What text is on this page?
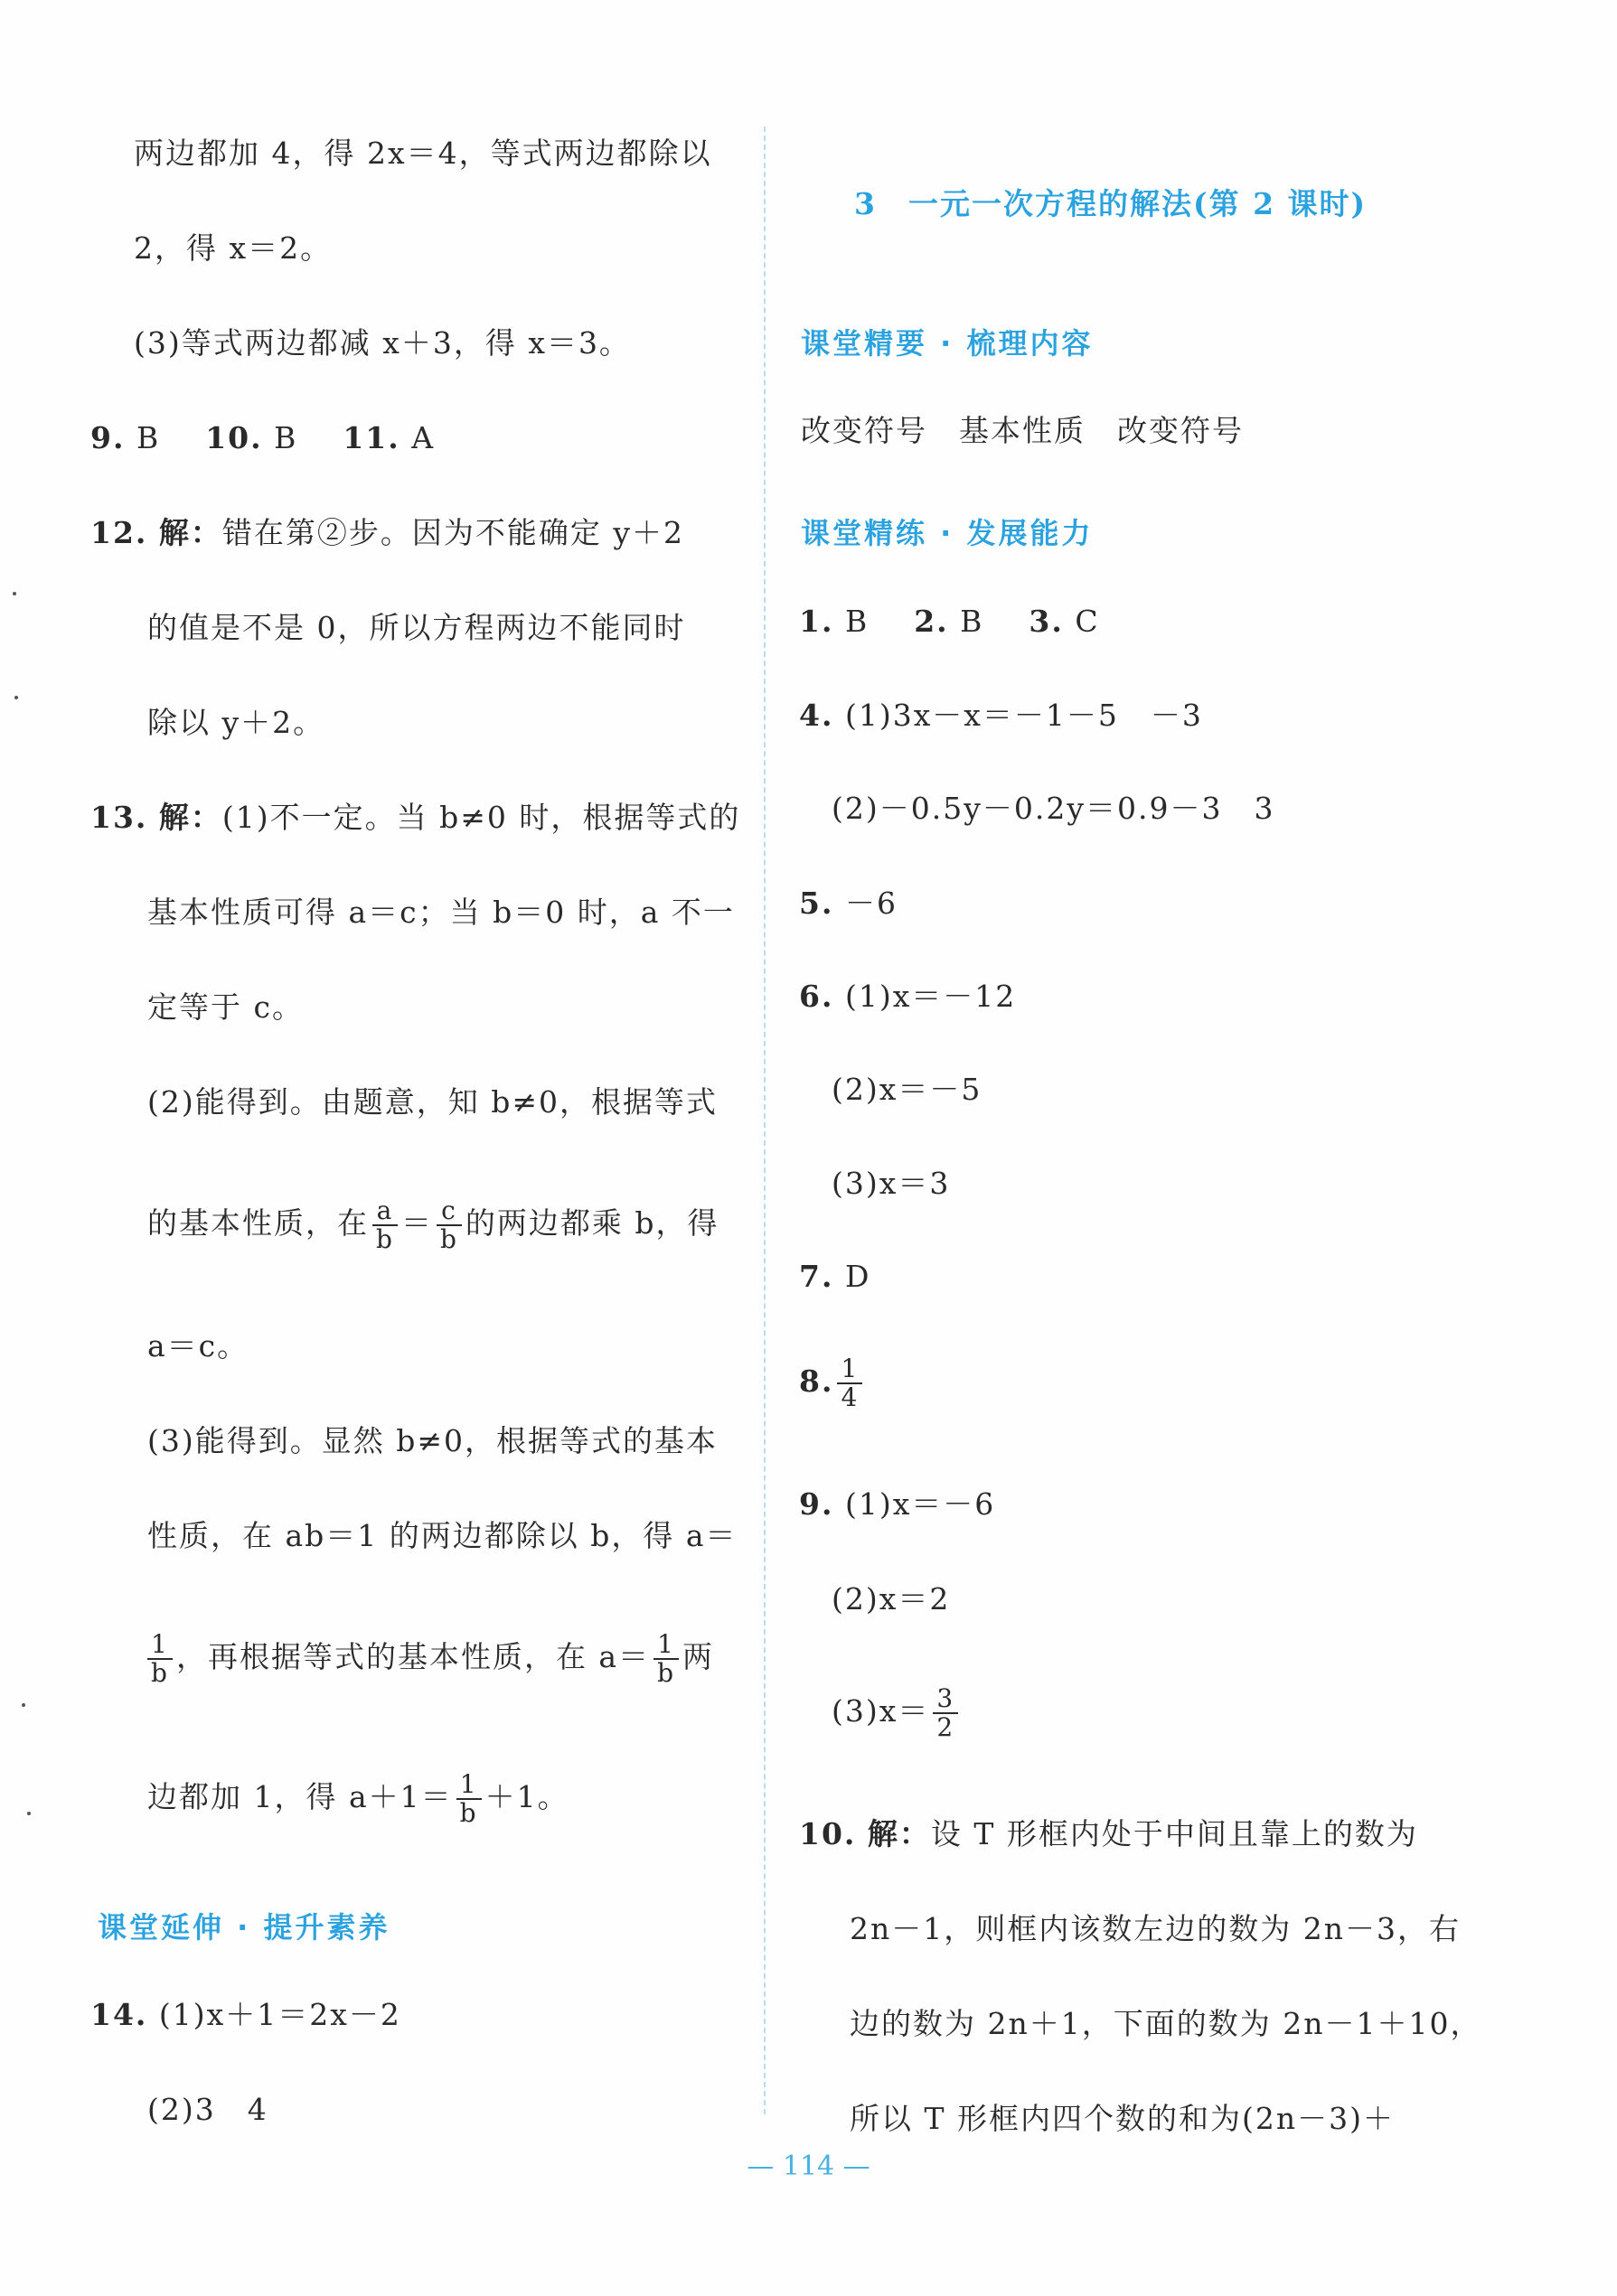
两边都加 4，得 2x＝4，等式两边都除以
2，得 x＝2。
(3)等式两边都减 x＋3，得 x＝3。
9. B 10. B 11. A
12. 解：错在第②步。因为不能确定 y＋2
的值是不是 0，所以方程两边不能同时
除以 y＋2。
13. 解：(1)不一定。当 b≠0 时，根据等式的
基本性质可得 a＝c；当 b＝0 时，a 不一
定等于 c。
(2)能得到。由题意，知 b≠0，根据等式
的基本性质，在 $\frac{a}{b} = \frac{c}{b}$ 的两边都乘 b，得
a＝c。
(3)能得到。显然 b≠0，根据等式的基本
性质，在 ab＝1 的两边都除以 b，得 a＝
$\frac{1}{b}$ ，再根据等式的基本性质，在 $a= \frac{1}{b}$ 两
边都加 1，得 $a+1= \frac{1}{b} +1$。
课堂延伸 · 提升素养
14. (1)x＋1＝2x－2
(2)3　4
3　一元一次方程的解法(第 2 课时)
课堂精要 · 梳理内容
改变符号　基本性质　改变符号
课堂精练 · 发展能力
1. B 2. B 3. C
4. (1)3x－x＝－1－5　－3
(2)－0.5y－0.2y＝0.9－3　3
5. －6
6. (1)x＝－12
(2)x＝－5
(3)x＝3
7. D
8. $\frac{1}{4}$
9. (1)x＝－6
(2)x＝2
$(3)x= \frac{3}{2}$
10. 解：设 T 形框内处于中间且靠上的数为
2n－1，则框内该数左边的数为 2n－3，右
边的数为 2n＋1，下面的数为 2n－1＋10，
所以 T 形框内四个数的和为(2n－3)＋
— 114 —
